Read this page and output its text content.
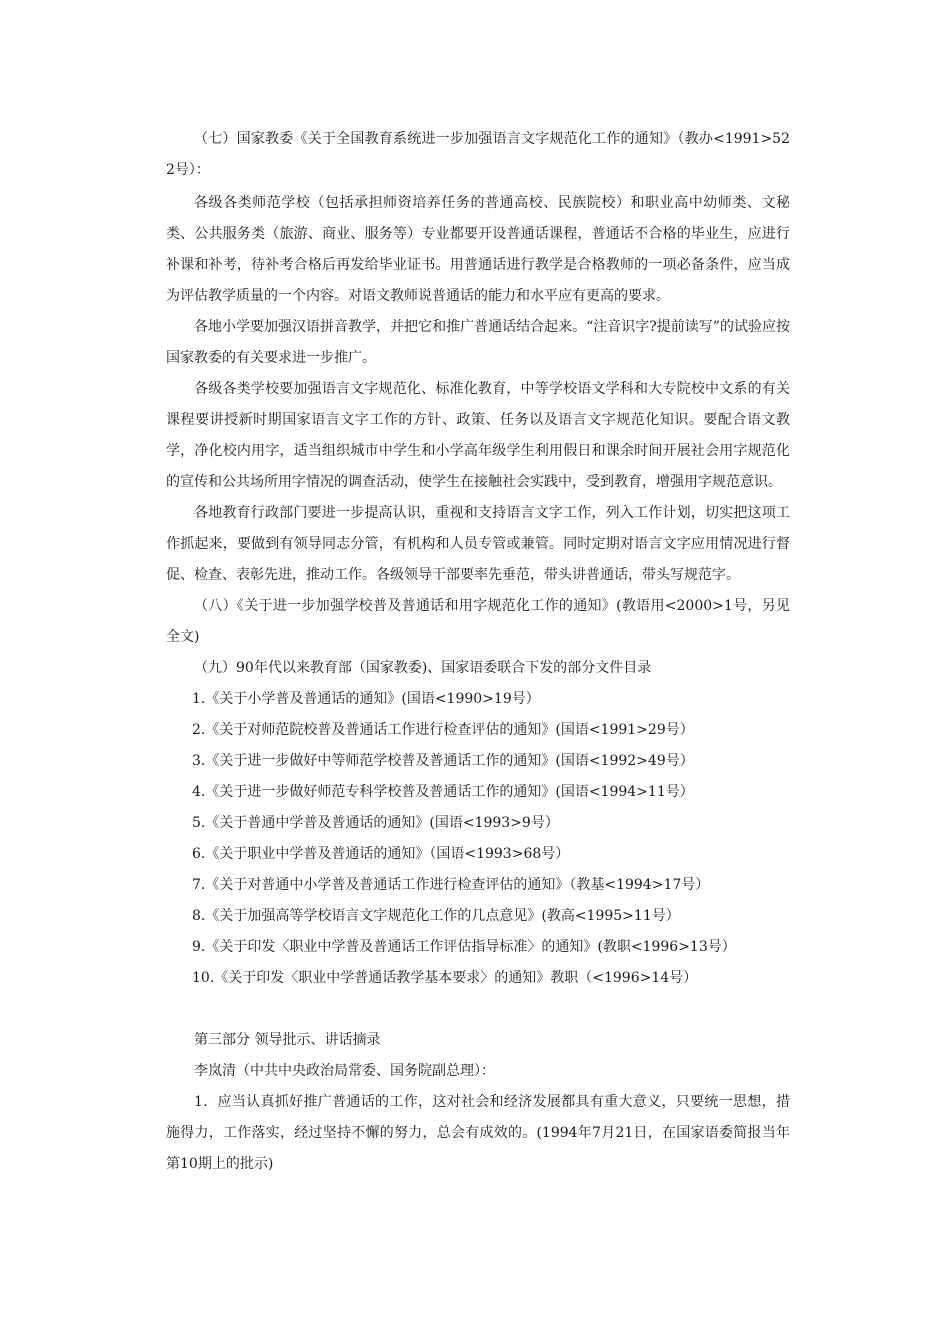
（七）国家教委《关于全国教育系统进一步加强语言文字规范化工作的通知》（教办<1991>522号）：

各级各类师范学校（包括承担师资培养任务的普通高校、民族院校）和职业高中幼师类、文秘类、公共服务类（旅游、商业、服务等）专业都要开设普通话课程，普通话不合格的毕业生，应进行补课和补考，待补考合格后再发给毕业证书。用普通话进行教学是合格教师的一项必备条件，应当成为评估教学质量的一个内容。对语文教师说普通话的能力和水平应有更高的要求。

各地小学要加强汉语拼音教学，并把它和推广普通话结合起来。“注音识字?提前读写”的试验应按国家教委的有关要求进一步推广。

各级各类学校要加强语言文字规范化、标准化教育，中等学校语文学科和大专院校中文系的有关课程要讲授新时期国家语言文字工作的方针、政策、任务以及语言文字规范化知识。要配合语文教学，净化校内用字，适当组织城市中学生和小学高年级学生利用假日和课余时间开展社会用字规范化的宣传和公共场所用字情况的调查活动，使学生在接触社会实践中，受到教育，增强用字规范意识。

各地教育行政部门要进一步提高认识，重视和支持语言文字工作，列入工作计划，切实把这项工作抓起来，要做到有领导同志分管，有机构和人员专管或兼管。同时定期对语言文字应用情况进行督促、检查、表彰先进，推动工作。各级领导干部要率先垂范，带头讲普通话，带头写规范字。

（八）《关于进一步加强学校普及普通话和用字规范化工作的通知》(教语用<2000>1号，另见全文)

（九）90年代以来教育部（国家教委)、国家语委联合下发的部分文件目录

1.《关于小学普及普通话的通知》(国语<1990>19号）
2.《关于对师范院校普及普通话工作进行检查评估的通知》(国语<1991>29号）
3.《关于进一步做好中等师范学校普及普通话工作的通知》(国语<1992>49号）
4.《关于进一步做好师范专科学校普及普通话工作的通知》(国语<1994>11号）
5.《关于普通中学普及普通话的通知》(国语<1993>9号）
6.《关于职业中学普及普通话的通知》（国语<1993>68号）
7.《关于对普通中小学普及普通话工作进行检查评估的通知》（教基<1994>17号）
8.《关于加强高等学校语言文字规范化工作的几点意见》(教高<1995>11号）
9.《关于印发〈职业中学普及普通话工作评估指导标准〉的通知》(教职<1996>13号）
10.《关于印发〈职业中学普通话教学基本要求〉的通知》教职（<1996>14号）

第三部分 领导批示、讲话摘录

李岚清（中共中央政治局常委、国务院副总理）：

1．应当认真抓好推广普通话的工作，这对社会和经济发展都具有重大意义，只要统一思想，措施得力，工作落实，经过坚持不懈的努力，总会有成效的。(1994年7月21日，在国家语委简报当年第10期上的批示)
